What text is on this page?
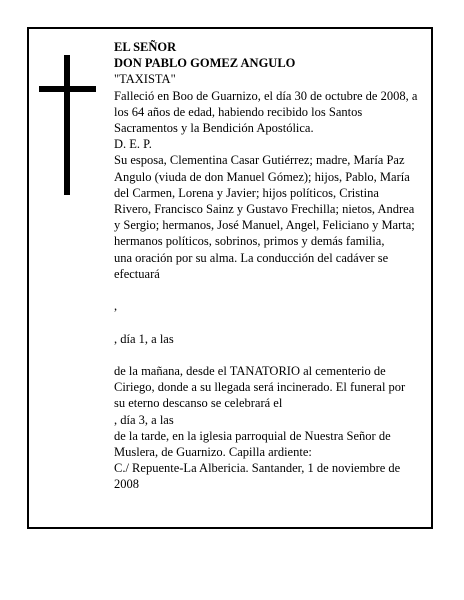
EL SEÑOR
DON PABLO GOMEZ ANGULO
"TAXISTA"
Falleció en Boo de Guarnizo, el día 30 de octubre de 2008, a los 64 años de edad, habiendo recibido los Santos Sacramentos y la Bendición Apostólica.
D. E. P.
Su esposa, Clementina Casar Gutiérrez; madre, María Paz Angulo (viuda de don Manuel Gómez); hijos, Pablo, María del Carmen, Lorena y Javier; hijos políticos, Cristina Rivero, Francisco Sainz y Gustavo Frechilla; nietos, Andrea y Sergio; hermanos, José Manuel, Angel, Feliciano y Marta; hermanos políticos, sobrinos, primos y demás familia,
una oración por su alma. La conducción del cadáver se efectuará
,
, día 1, a las
de la mañana, desde el TANATORIO al cementerio de Ciriego, donde a su llegada será incinerado. El funeral por su eterno descanso se celebrará el
, día 3, a las
de la tarde, en la iglesia parroquial de Nuestra Señor de Muslera, de Guarnizo. Capilla ardiente:
C./ Repuente-La Albericia. Santander, 1 de noviembre de 2008
